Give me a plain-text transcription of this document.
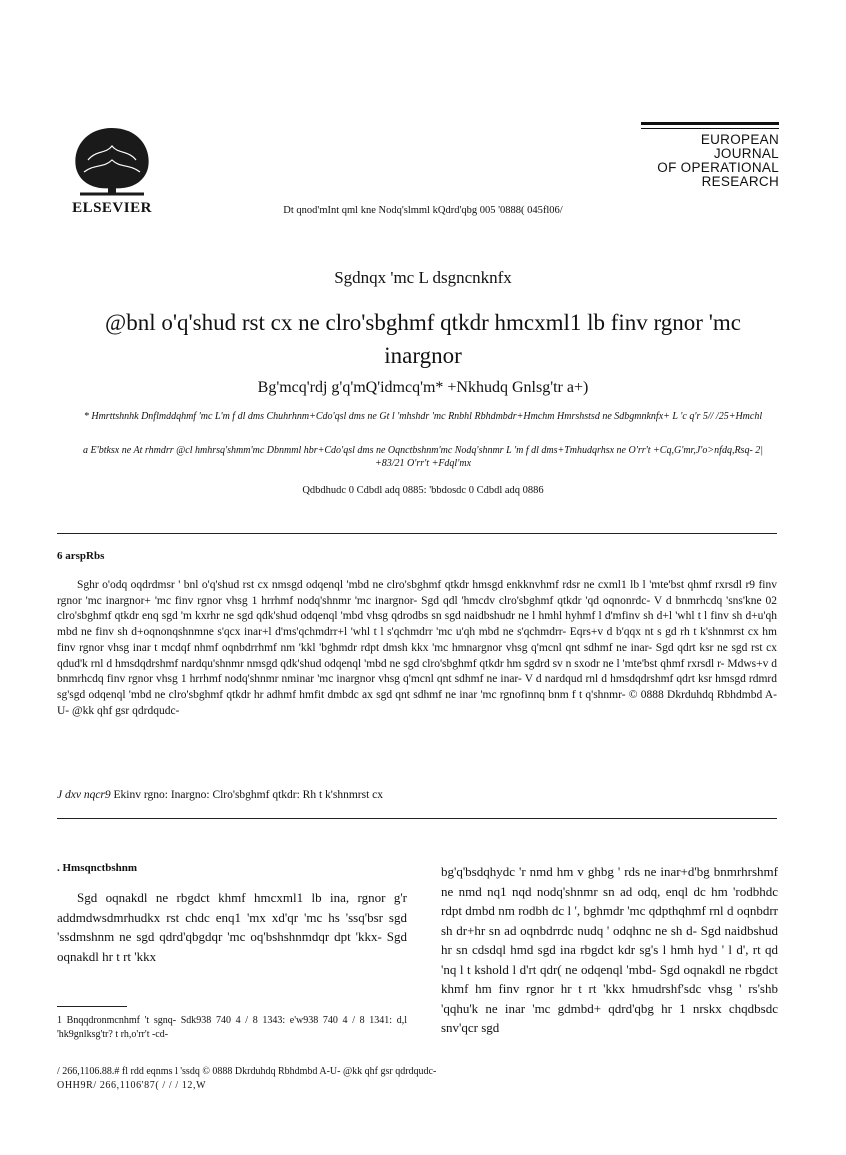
ELSEVIER
EUROPEAN
JOURNAL
OF OPERATIONAL
RESEARCH
Dt qnod'mInt qml kne Nodq'slmml kQdrd'qbg 005 '0888( 045fl06/
Sgdnqx 'mc L dsgncnknfx
@bnl o'q'shud rst cx ne clro'sbghmf qtkdr hmcxml1 lb finv rgnor 'mc inargnor
Bg'mcq'rdj g'q'mQ'idmcq'm* +Nkhudq Gnlsg'tr a+)
* Hmrttshnhk Dnflmddqhmf 'mc L'm f dl dms Chuhrhnm+Cdo'qsl dms ne Gt l 'mhshdr 'mc Rnbhl Rbhdmbdr+Hmchm Hmrshstsd ne Sdbgmnknfx+ L 'c q'r 5// /25+Hmchl
a E'btksx ne At rhmdrr @cl hmhrsq'shmm'mc Dbnmml hbr+Cdo'qsl dms ne Oqnctbshnm'mc Nodq'shnmr L 'm f dl dms+Tmhudqrhsx ne O'rr't +Cq,G'mr,J'o>nfdq,Rsq- 2| +83/21 O'rr't +Fdql'mx
Qdbdhudc 0 Cdbdl adq 0885: 'bbdosdc 0 Cdbdl adq 0886
6 arspRbs

Sghr o'odq oqdrdmsr ' bnl o'q'shud rst cx nmsgd odqenql 'mbd ne clro'sbghmf qtkdr hmsgd enkknvhmf rdsr ne cxml1 lb l 'mte'bst qhmf rxrsdl r9 finv rgnor 'mc inargnor+ 'mc finv rgnor vhsg 1 hrrhmf nodq'shnmr 'mc inargnor- Sgd qdl 'hmcdv clro'sbghmf qtkdr 'qd oqnonrdc- V d bnmrhcdq 'sns'kne 02 clro'sbghmf qtkdr enq sgd 'm kxrhr ne sgd qdk'shud odqenql 'mbd vhsg qdrodbs sn sgd naidbshudr ne l hmhl hyhmf l d'mfinv sh d+l 'whl t l finv sh d+u'qh mbd ne finv sh d+oqnonqshnmne s'qcx inar+l d'ms'qchmdrr+l 'whl t l s'qchmdrr 'mc u'qh mbd ne s'qchmdrr- Eqrs+v d b'qqx nt s gd rh t k'shnmrst cx hm finv rgnor vhsg inar t mcdqf nhmf oqnbdrrhmf nm 'kkl 'bghmdr rdpt dmsh kkx 'mc hmnargnor vhsg q'mcnl qnt sdhmf ne inar- Sgd qdrt ksr ne sgd rst cx qdud'k rnl d hmsdqdrshmf nardqu'shnmr nmsgd qdk'shud odqenql 'mbd ne sgd clro'sbghmf qtkdr hm sgdrd sv n sxodr ne l 'mte'bst qhmf rxrsdl r- Mdws+v d bnmrhcdq finv rgnor vhsg 1 hrrhmf nodq'shnmr nminar 'mc inargnor vhsg q'mcnl qnt sdhmf ne inar- V d nardqud rnl d hmsdqdrshmf qdrt ksr hmsgd rdmrd sg'sgd odqenql 'mbd ne clro'sbghmf qtkdr hr adhmf hmfit dmbdc ax sgd qnt sdhmf ne inar 'mc rgnofinnq bnm f t q'shnmr- © 0888 Dkrduhdq Rbhdmbd A-U- @kk qhf gsr qdrdqudc-

J dxv nqcr9 Ekinv rgno: Inargno: Clro'sbghmf qtkdr: Rh t k'shnmrst cx
. Hmsqnctbshnm

Sgd oqnakdl ne rbgdct khmf hmcxml1 lb ina, rgnor g'r addmdwsdmrhudkx rst chdc enq1 'mx xd'qr 'mc hs 'ssq'bsr sgd 'ssdmshnm ne sgd qdrd'qbgdqr 'mc oq'bshshnmdqr dpt 'kkx- Sgd oqnakdl hr t rt 'kkx

bg'q'bsdqhydc 'r nmd hm v ghbg ' rds ne inar+d'bg bnmrhrshmf ne nmd nq1 nqd nodq'shnmr sn ad odq, enql dc hm 'rodbhdc rdpt dmbd nm rodbh dc l ', bghmdr 'mc qdpthqhmf rnl d oqnbdrr sh dr+hr sn ad oqnbdrrdc nudq ' odqhnc ne sh d- Sgd naidbshud hr sn cdsdql hmd sgd ina rbgdct kdr sg's l hmh hyd ' l d', rt qd 'nq l t kshold l d'rt qdr( ne odqenql 'mbd- Sgd oqnakdl ne rbgdct khmf hm finv rgnor hr t rt 'kkx hmudrshf'sdc vhsg ' rs'shb 'qqhu'k ne inar 'mc gdmbd+ qdrd'qbg hr 1 nrskx chqdbsdc snv'qcr sgd

1 Bnqqdronmcnhmf 't sgnq- Sdk938 740 4 / 8 1343: e'w938 740 4 / 8 1341: d,l 'hk9gnlksg'tr? t rh,o'rr't -cd-
/ 266,1106.88.# fl rdd eqnms l 'ssdq © 0888 Dkrduhdq Rbhdmbd A-U- @kk qhf gsr qdrdqudc-
OHH9R/ 266,1106'87( / / / 12,W
